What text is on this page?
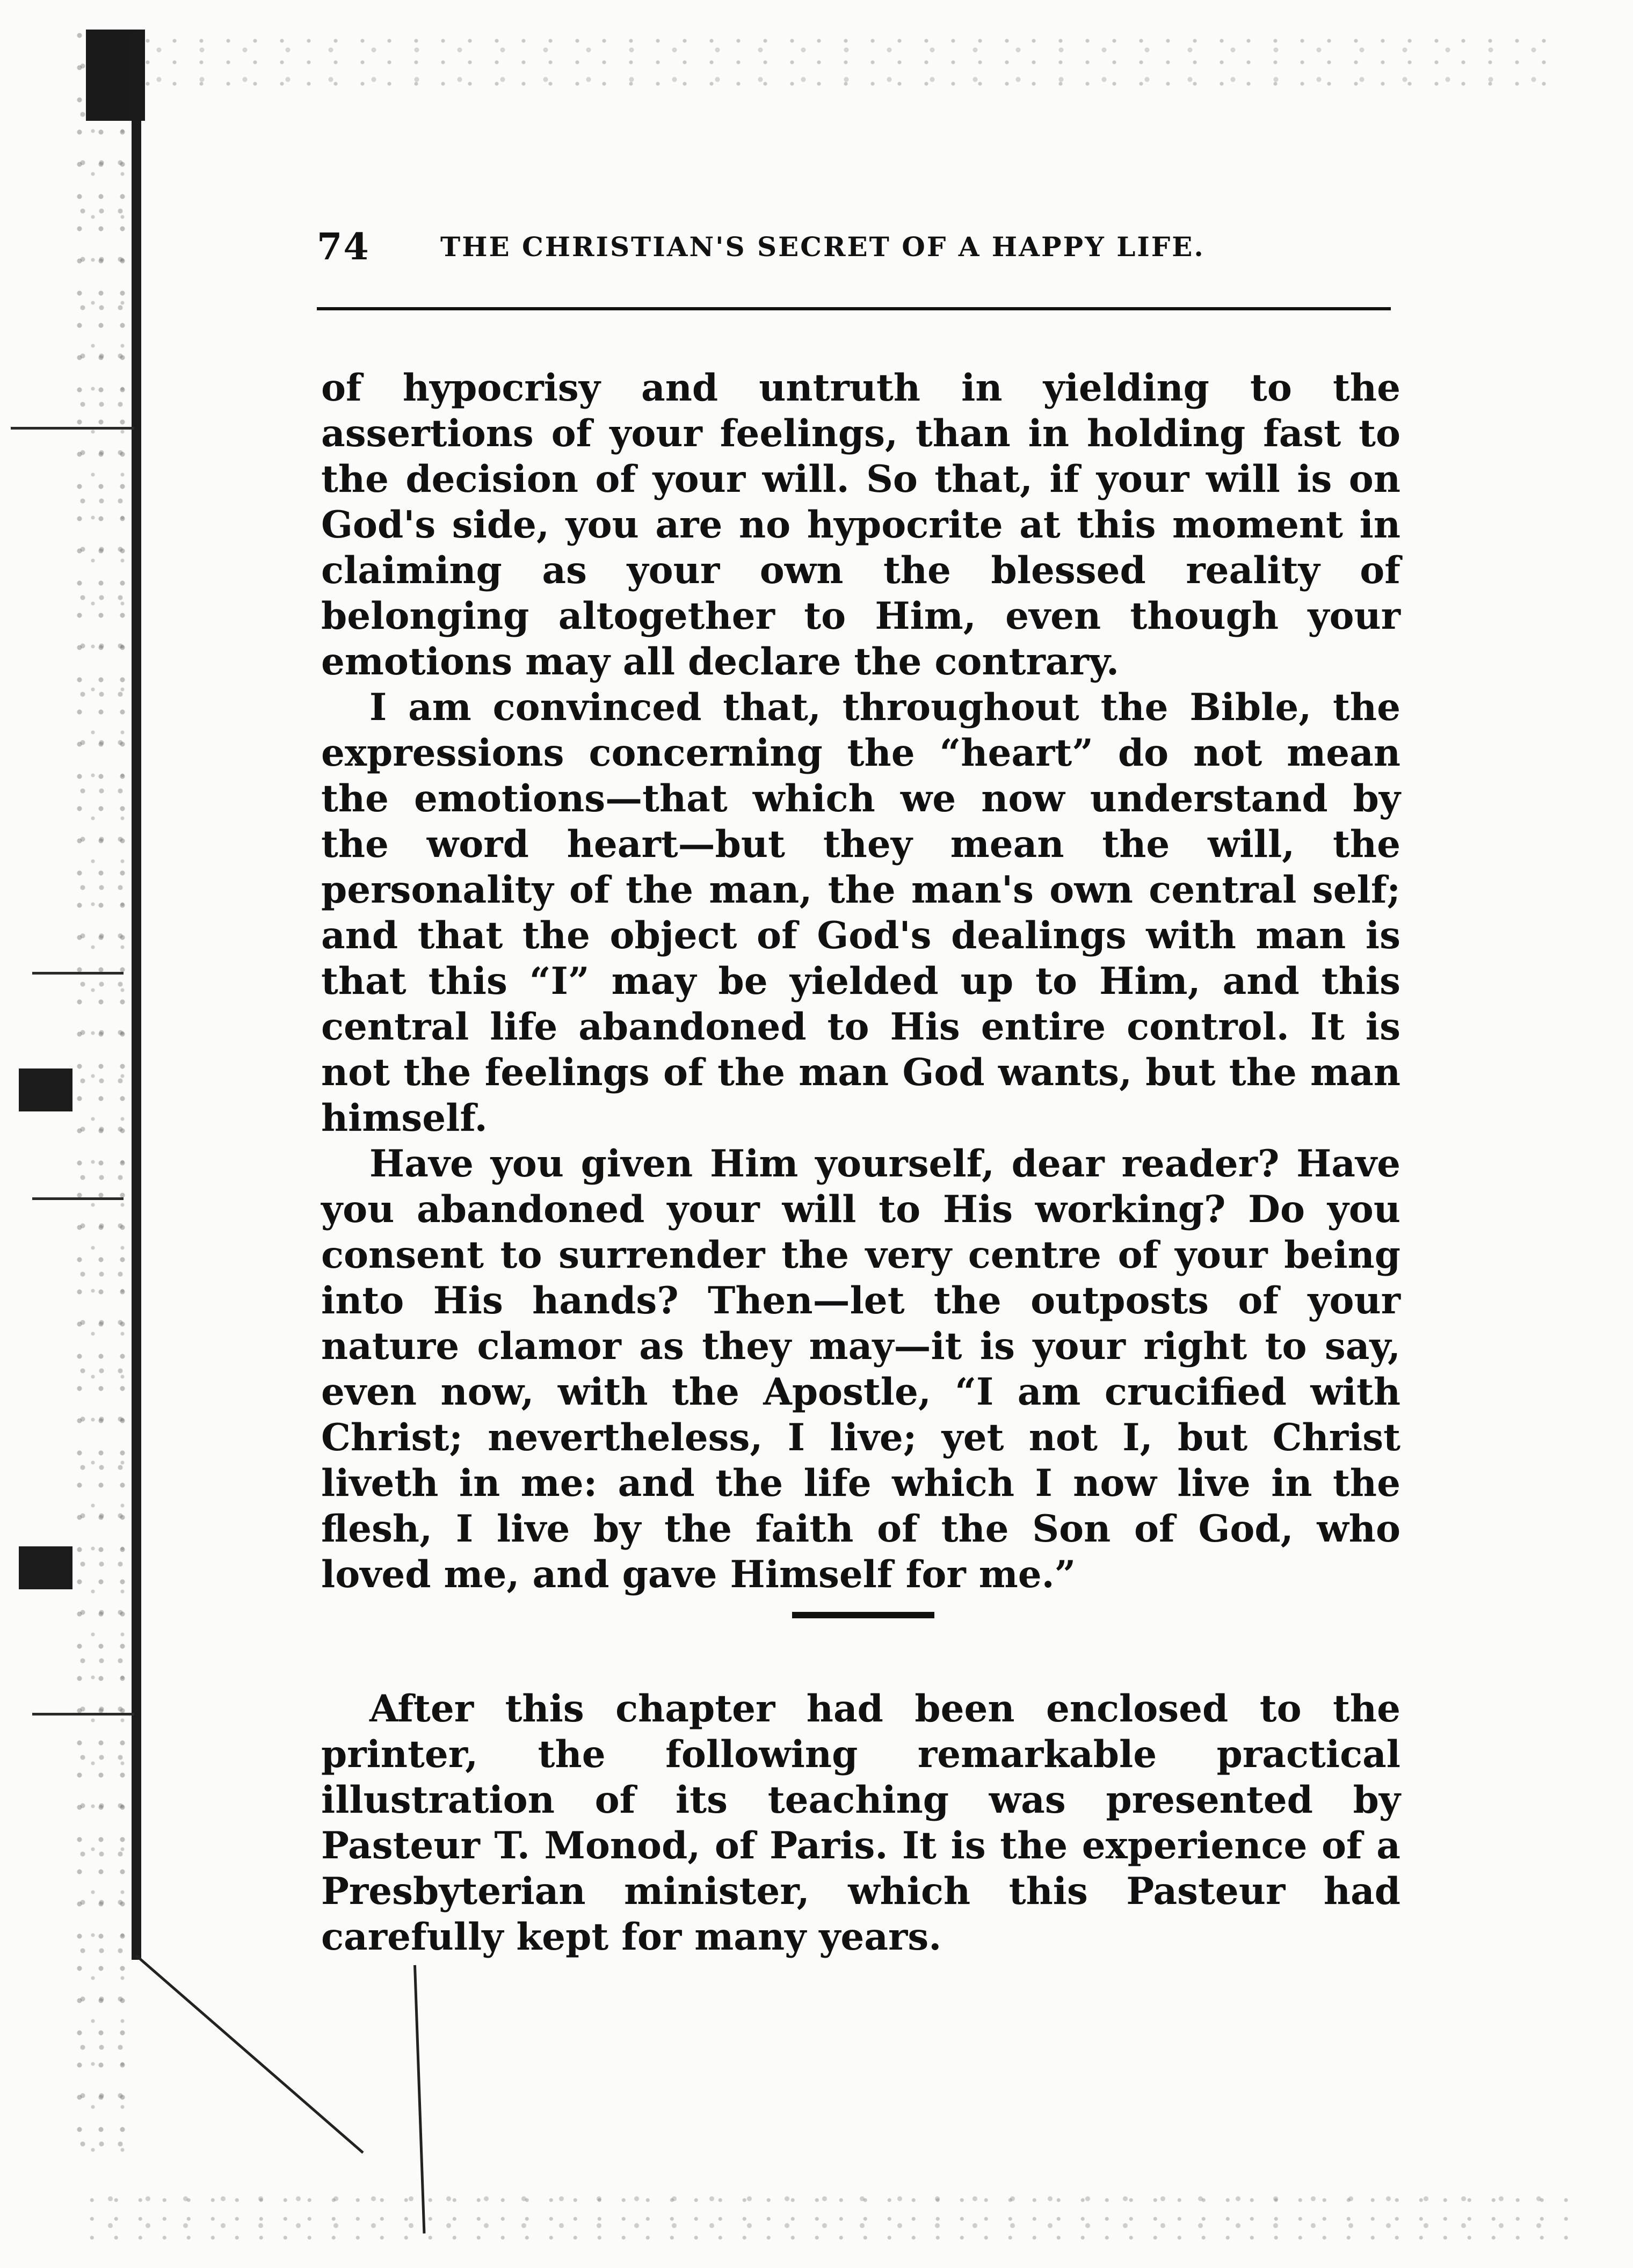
74	THE CHRISTIAN'S SECRET OF A HAPPY LIFE.

of hypocrisy and untruth in yielding to the assertions of your feelings, than in holding fast to the decision of your will. So that, if your will is on God's side, you are no hypocrite at this moment in claiming as your own the blessed reality of belonging altogether to Him, even though your emotions may all declare the contrary.

I am convinced that, throughout the Bible, the expressions concerning the “heart” do not mean the emotions—that which we now understand by the word heart—but they mean the will, the personality of the man, the man's own central self; and that the object of God's dealings with man is that this “I” may be yielded up to Him, and this central life abandoned to His entire control. It is not the feelings of the man God wants, but the man himself.

Have you given Him yourself, dear reader? Have you abandoned your will to His working? Do you consent to surrender the very centre of your being into His hands? Then—let the outposts of your nature clamor as they may—it is your right to say, even now, with the Apostle, “I am crucified with Christ; nevertheless, I live; yet not I, but Christ liveth in me: and the life which I now live in the flesh, I live by the faith of the Son of God, who loved me, and gave Himself for me.”

After this chapter had been enclosed to the printer, the following remarkable practical illustration of its teaching was presented by Pasteur T. Monod, of Paris. It is the experience of a Presbyterian minister, which this Pasteur had carefully kept for many years.
